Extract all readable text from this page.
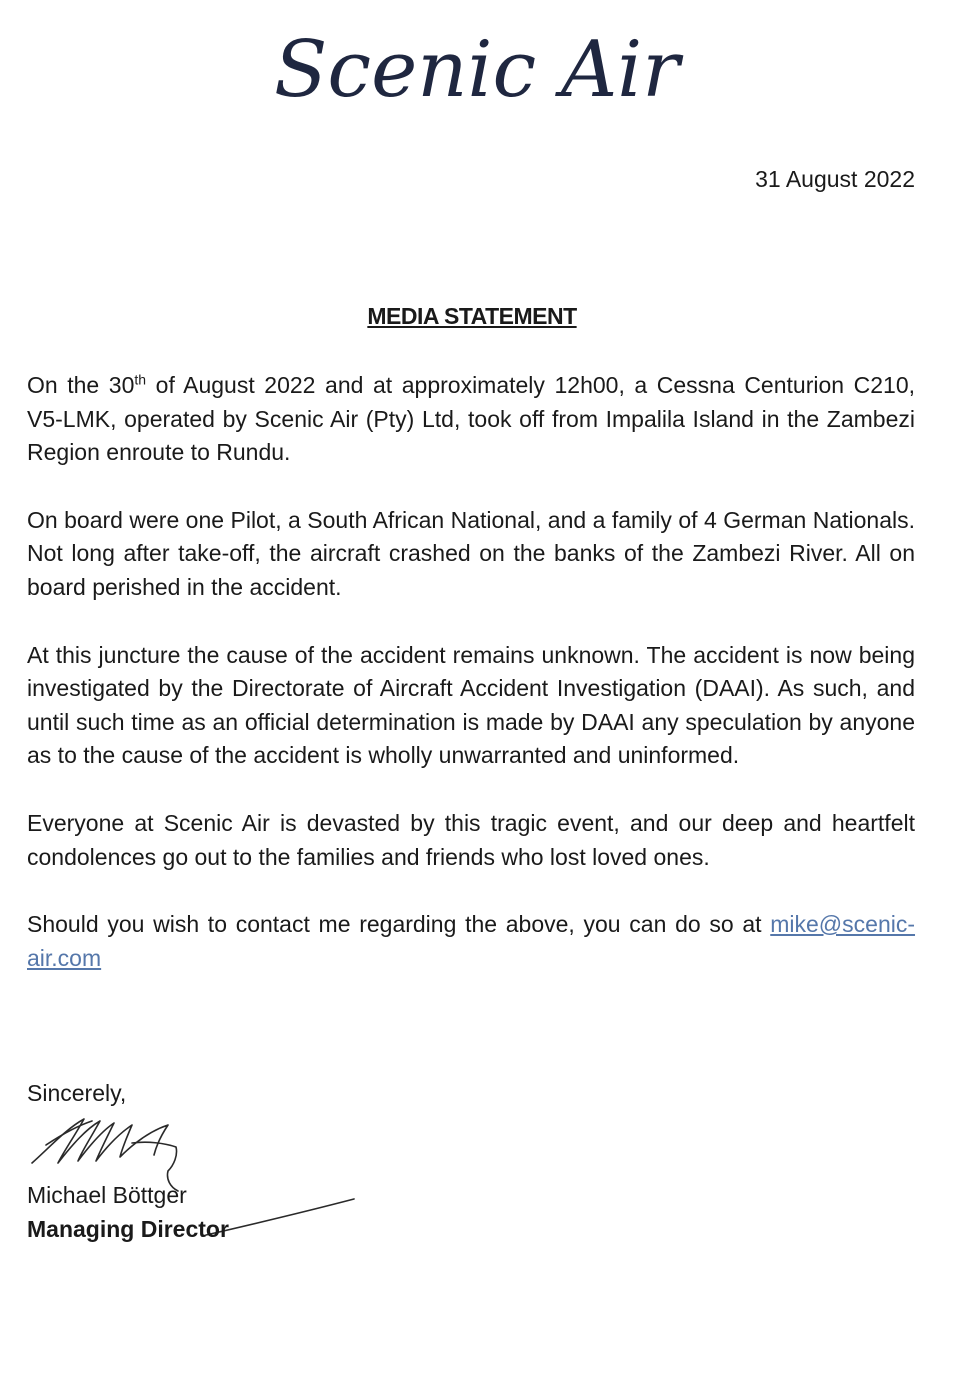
Scenic Air
31 August 2022
MEDIA STATEMENT

On the 30th of August 2022 and at approximately 12h00, a Cessna Centurion C210, V5-LMK, operated by Scenic Air (Pty) Ltd, took off from Impalila Island in the Zambezi Region enroute to Rundu.

On board were one Pilot, a South African National, and a family of 4 German Nationals. Not long after take-off, the aircraft crashed on the banks of the Zambezi River. All on board perished in the accident.

At this juncture the cause of the accident remains unknown. The accident is now being investigated by the Directorate of Aircraft Accident Investigation (DAAI). As such, and until such time as an official determination is made by DAAI any speculation by anyone as to the cause of the accident is wholly unwarranted and uninformed.

Everyone at Scenic Air is devasted by this tragic event, and our deep and heartfelt condolences go out to the families and friends who lost loved ones.

Should you wish to contact me regarding the above, you can do so at mike@scenic-air.com

Sincerely,
Michael Böttger
Managing Director
